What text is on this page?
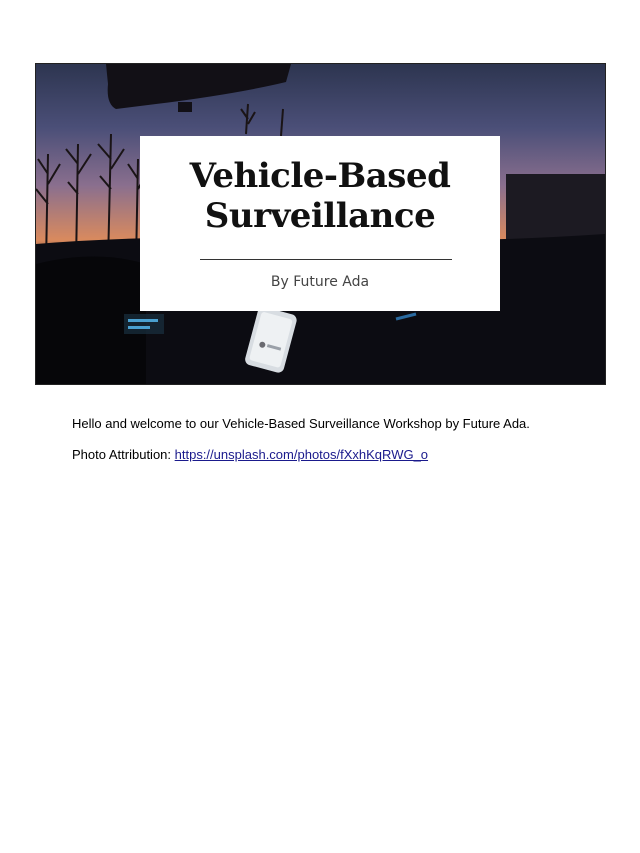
Vehicle-Based
Surveillance
By Future Ada
Hello and welcome to our Vehicle-Based Surveillance Workshop by Future Ada.
Photo Attribution: https://unsplash.com/photos/fXxhKqRWG_o
